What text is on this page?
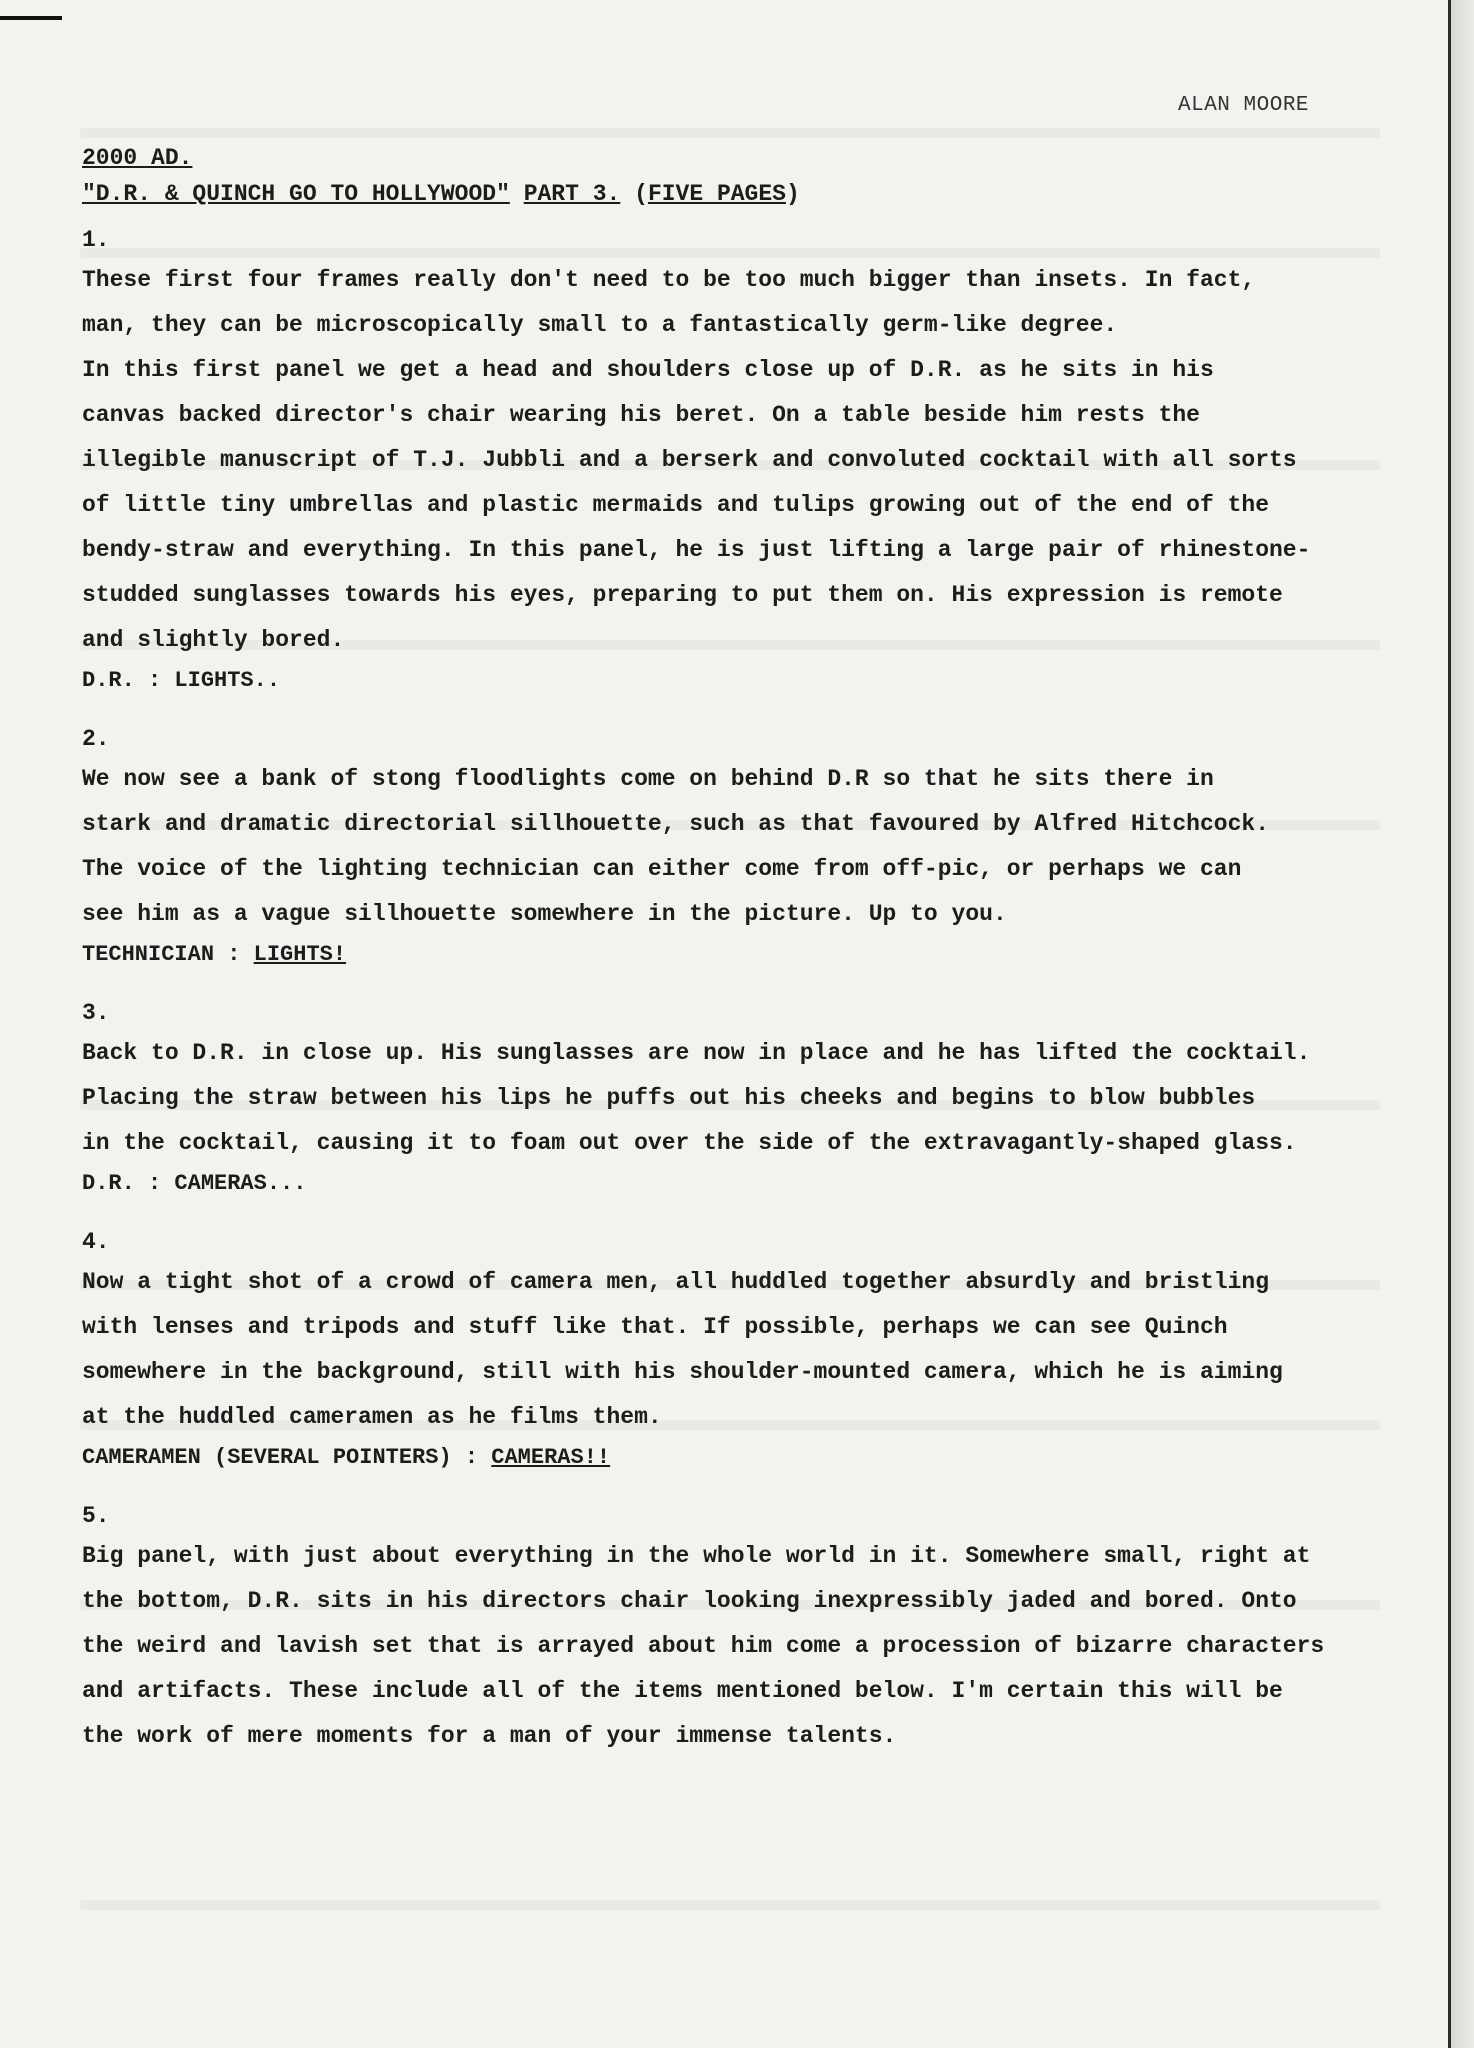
ALAN MOORE

2000 AD.

"D.R. & QUINCH GO TO HOLLYWOOD" PART 3. (FIVE PAGES)

1.

These first four frames really don't need to be too much bigger than insets. In fact,
man, they can be microscopically small to a fantastically germ-like degree.

In this first panel we get a head and shoulders close up of D.R. as he sits in his
canvas backed director's chair wearing his beret. On a table beside him rests the
illegible manuscript of T.J. Jubbli and a berserk and convoluted cocktail with all sorts
of little tiny umbrellas and plastic mermaids and tulips growing out of the end of the
bendy-straw and everything. In this panel, he is just lifting a large pair of rhinestone-
studded sunglasses towards his eyes, preparing to put them on. His expression is remote
and slightly bored.

D.R. : LIGHTS..

2.

We now see a bank of stong floodlights come on behind D.R so that he sits there in
stark and dramatic directorial sillhouette, such as that favoured by Alfred Hitchcock.
The voice of the lighting technician can either come from off-pic, or perhaps we can
see him as a vague sillhouette somewhere in the picture. Up to you.

TECHNICIAN : LIGHTS!

3.

Back to D.R. in close up. His sunglasses are now in place and he has lifted the cocktail.
Placing the straw between his lips he puffs out his cheeks and begins to blow bubbles
in the cocktail, causing it to foam out over the side of the extravagantly-shaped glass.

D.R. : CAMERAS...

4.

Now a tight shot of a crowd of camera men, all huddled together absurdly and bristling
with lenses and tripods and stuff like that. If possible, perhaps we can see Quinch
somewhere in the background, still with his shoulder-mounted camera, which he is aiming
at the huddled cameramen as he films them.

CAMERAMEN (SEVERAL POINTERS) : CAMERAS!!

5.

Big panel, with just about everything in the whole world in it. Somewhere small, right at
the bottom, D.R. sits in his directors chair looking inexpressibly jaded and bored. Onto
the weird and lavish set that is arrayed about him come a procession of bizarre characters
and artifacts. These include all of the items mentioned below. I'm certain this will be
the work of mere moments for a man of your immense talents.
